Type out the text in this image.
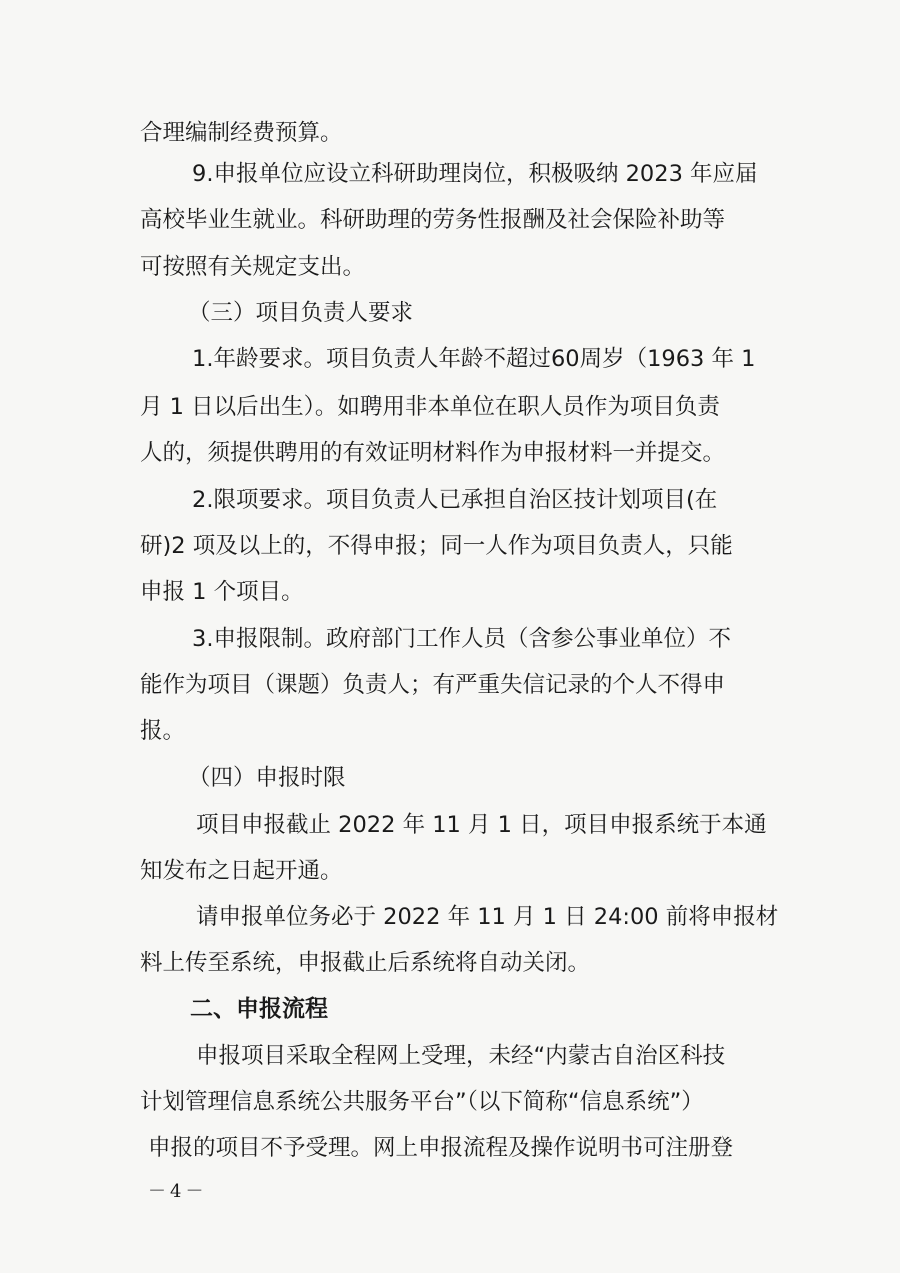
合理编制经费预算。
9.申报单位应设立科研助理岗位，积极吸纳 2023 年应届
高校毕业生就业。科研助理的劳务性报酬及社会保险补助等
可按照有关规定支出。
（三）项目负责人要求
1.年龄要求。项目负责人年龄不超过60周岁（1963 年 1
月 1 日以后出生）。如聘用非本单位在职人员作为项目负责
人的，须提供聘用的有效证明材料作为申报材料一并提交。
2.限项要求。项目负责人已承担自治区技计划项目(在
研)2 项及以上的，不得申报；同一人作为项目负责人，只能
申报 1 个项目。
3.申报限制。政府部门工作人员（含参公事业单位）不
能作为项目（课题）负责人；有严重失信记录的个人不得申
报。
（四）申报时限
项目申报截止 2022 年 11 月 1 日，项目申报系统于本通
知发布之日起开通。
请申报单位务必于 2022 年 11 月 1 日 24:00 前将申报材
料上传至系统，申报截止后系统将自动关闭。
二、申报流程
申报项目采取全程网上受理，未经“内蒙古自治区科技
计划管理信息系统公共服务平台”（以下简称“信息系统”）
申报的项目不予受理。网上申报流程及操作说明书可注册登
－4－
